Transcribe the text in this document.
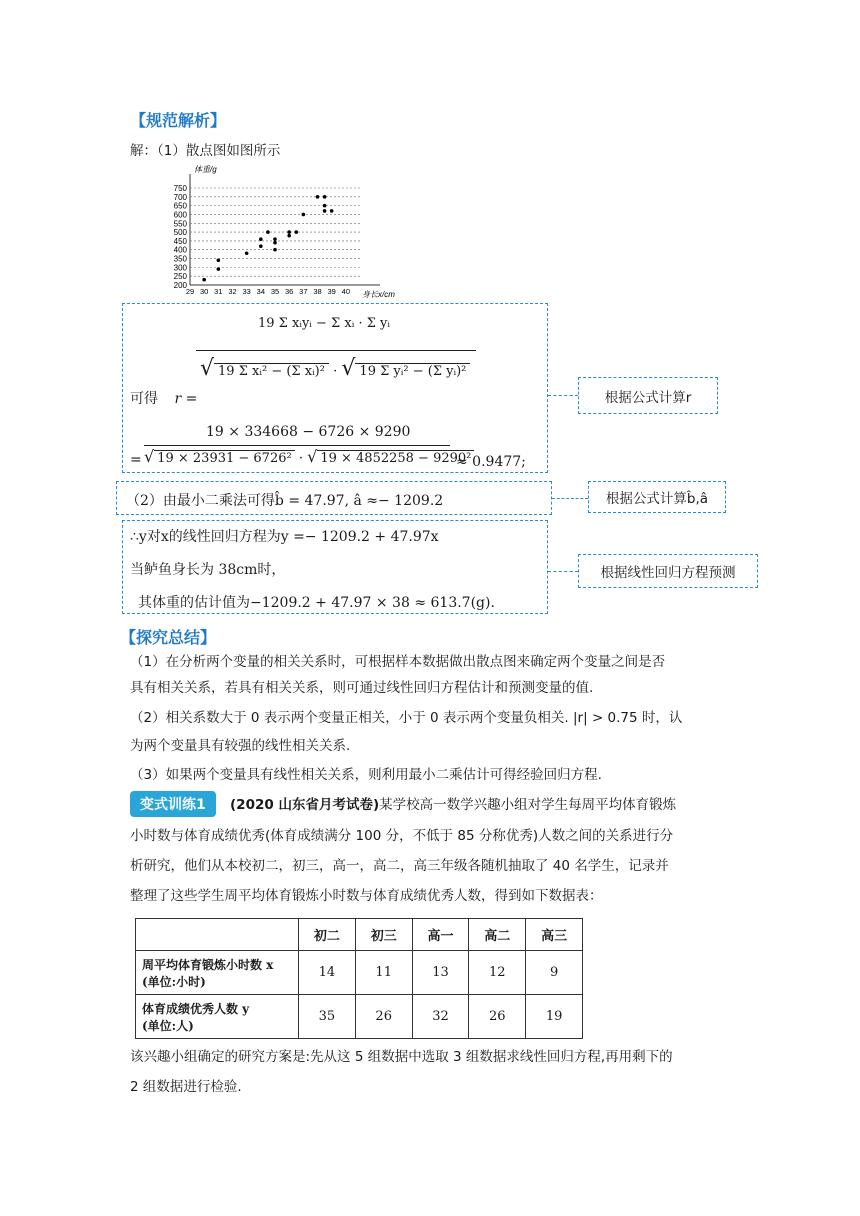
【规范解析】
解：（1）散点图如图所示
750
700
650
600
550
500
450
400
350
300
250
200
29 30 31 32 33 34 35 36 37 38 39 40
体重/g
身长x/cm
可得 r =
19 Σ xᵢyᵢ − Σ xᵢ · Σ yᵢ
√ 19 Σ xᵢ² − (Σ xᵢ)² · √ 19 Σ yᵢ² − (Σ yᵢ)²
19 × 334668 − 6726 × 9290
= √ 19 × 23931 − 6726² · √ 19 × 4852258 − 9290²
≈ 0.9477;
根据公式计算r
（2）由最小二乘法可得b̂ = 47.97, â ≈− 1209.2	根据公式计算b̂,â
∴y对x的线性回归方程为y =− 1209.2 + 47.97x
当鲈鱼身长为 38cm时，
其体重的估计值为−1209.2 + 47.97 × 38 ≈ 613.7(g).
根据线性回归方程预测
【探究总结】
（1）在分析两个变量的相关关系时，可根据样本数据做出散点图来确定两个变量之间是否
具有相关关系，若具有相关关系，则可通过线性回归方程估计和预测变量的值.
（2）相关系数大于 0 表示两个变量正相关，小于 0 表示两个变量负相关. |r| > 0.75 时，认
为两个变量具有较强的线性相关关系.
（3）如果两个变量具有线性相关关系，则利用最小二乘估计可得经验回归方程.
变式训练1	(2020 山东省月考试卷)某学校高一数学兴趣小组对学生每周平均体育锻炼
小时数与体育成绩优秀(体育成绩满分 100 分，不低于 85 分称优秀)人数之间的关系进行分
析研究，他们从本校初二，初三，高一，高二，高三年级各随机抽取了 40 名学生，记录并
整理了这些学生周平均体育锻炼小时数与体育成绩优秀人数，得到如下数据表：
	初二	初三	高一	高二	高三

周平均体育锻炼小时数 x
(单位:小时)	14	11	13	12	9

体育成绩优秀人数 y
(单位:人)	35	26	32	26	19
该兴趣小组确定的研究方案是:先从这 5 组数据中选取 3 组数据求线性回归方程,再用剩下的
2 组数据进行检验.
